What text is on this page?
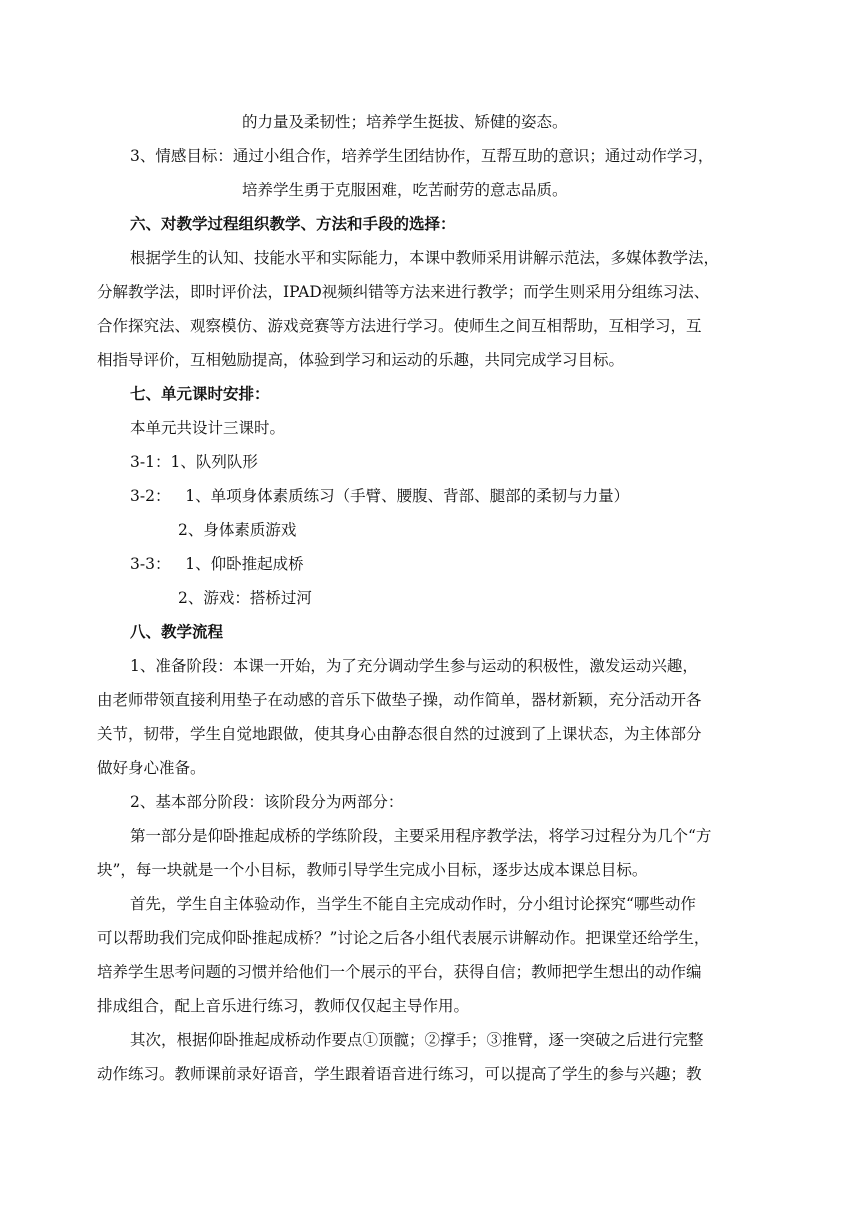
的力量及柔韧性；培养学生挺拔、矫健的姿态。

3、情感目标：通过小组合作，培养学生团结协作，互帮互助的意识；通过动作学习，

培养学生勇于克服困难，吃苦耐劳的意志品质。

六、对教学过程组织教学、方法和手段的选择：

根据学生的认知、技能水平和实际能力，本课中教师采用讲解示范法，多媒体教学法，

分解教学法，即时评价法，IPAD视频纠错等方法来进行教学；而学生则采用分组练习法、

合作探究法、观察模仿、游戏竞赛等方法进行学习。使师生之间互相帮助，互相学习，互

相指导评价，互相勉励提高，体验到学习和运动的乐趣，共同完成学习目标。

七、单元课时安排：

本单元共设计三课时。

3-1：1、队列队形

3-2：   1、单项身体素质练习（手臂、腰腹、背部、腿部的柔韧与力量）

2、身体素质游戏

3-3：   1、仰卧推起成桥

2、游戏：搭桥过河

八、教学流程

1、准备阶段：本课一开始，为了充分调动学生参与运动的积极性，激发运动兴趣，

由老师带领直接利用垫子在动感的音乐下做垫子操，动作简单，器材新颖，充分活动开各

关节，韧带，学生自觉地跟做，使其身心由静态很自然的过渡到了上课状态，为主体部分

做好身心准备。

2、基本部分阶段：该阶段分为两部分：

第一部分是仰卧推起成桥的学练阶段，主要采用程序教学法，将学习过程分为几个“方

块”，每一块就是一个小目标，教师引导学生完成小目标，逐步达成本课总目标。

首先，学生自主体验动作，当学生不能自主完成动作时，分小组讨论探究“哪些动作

可以帮助我们完成仰卧推起成桥？”讨论之后各小组代表展示讲解动作。把课堂还给学生，

培养学生思考问题的习惯并给他们一个展示的平台，获得自信；教师把学生想出的动作编

排成组合，配上音乐进行练习，教师仅仅起主导作用。

其次，根据仰卧推起成桥动作要点①顶髋；②撑手；③推臂，逐一突破之后进行完整

动作练习。教师课前录好语音，学生跟着语音进行练习，可以提高了学生的参与兴趣；教
